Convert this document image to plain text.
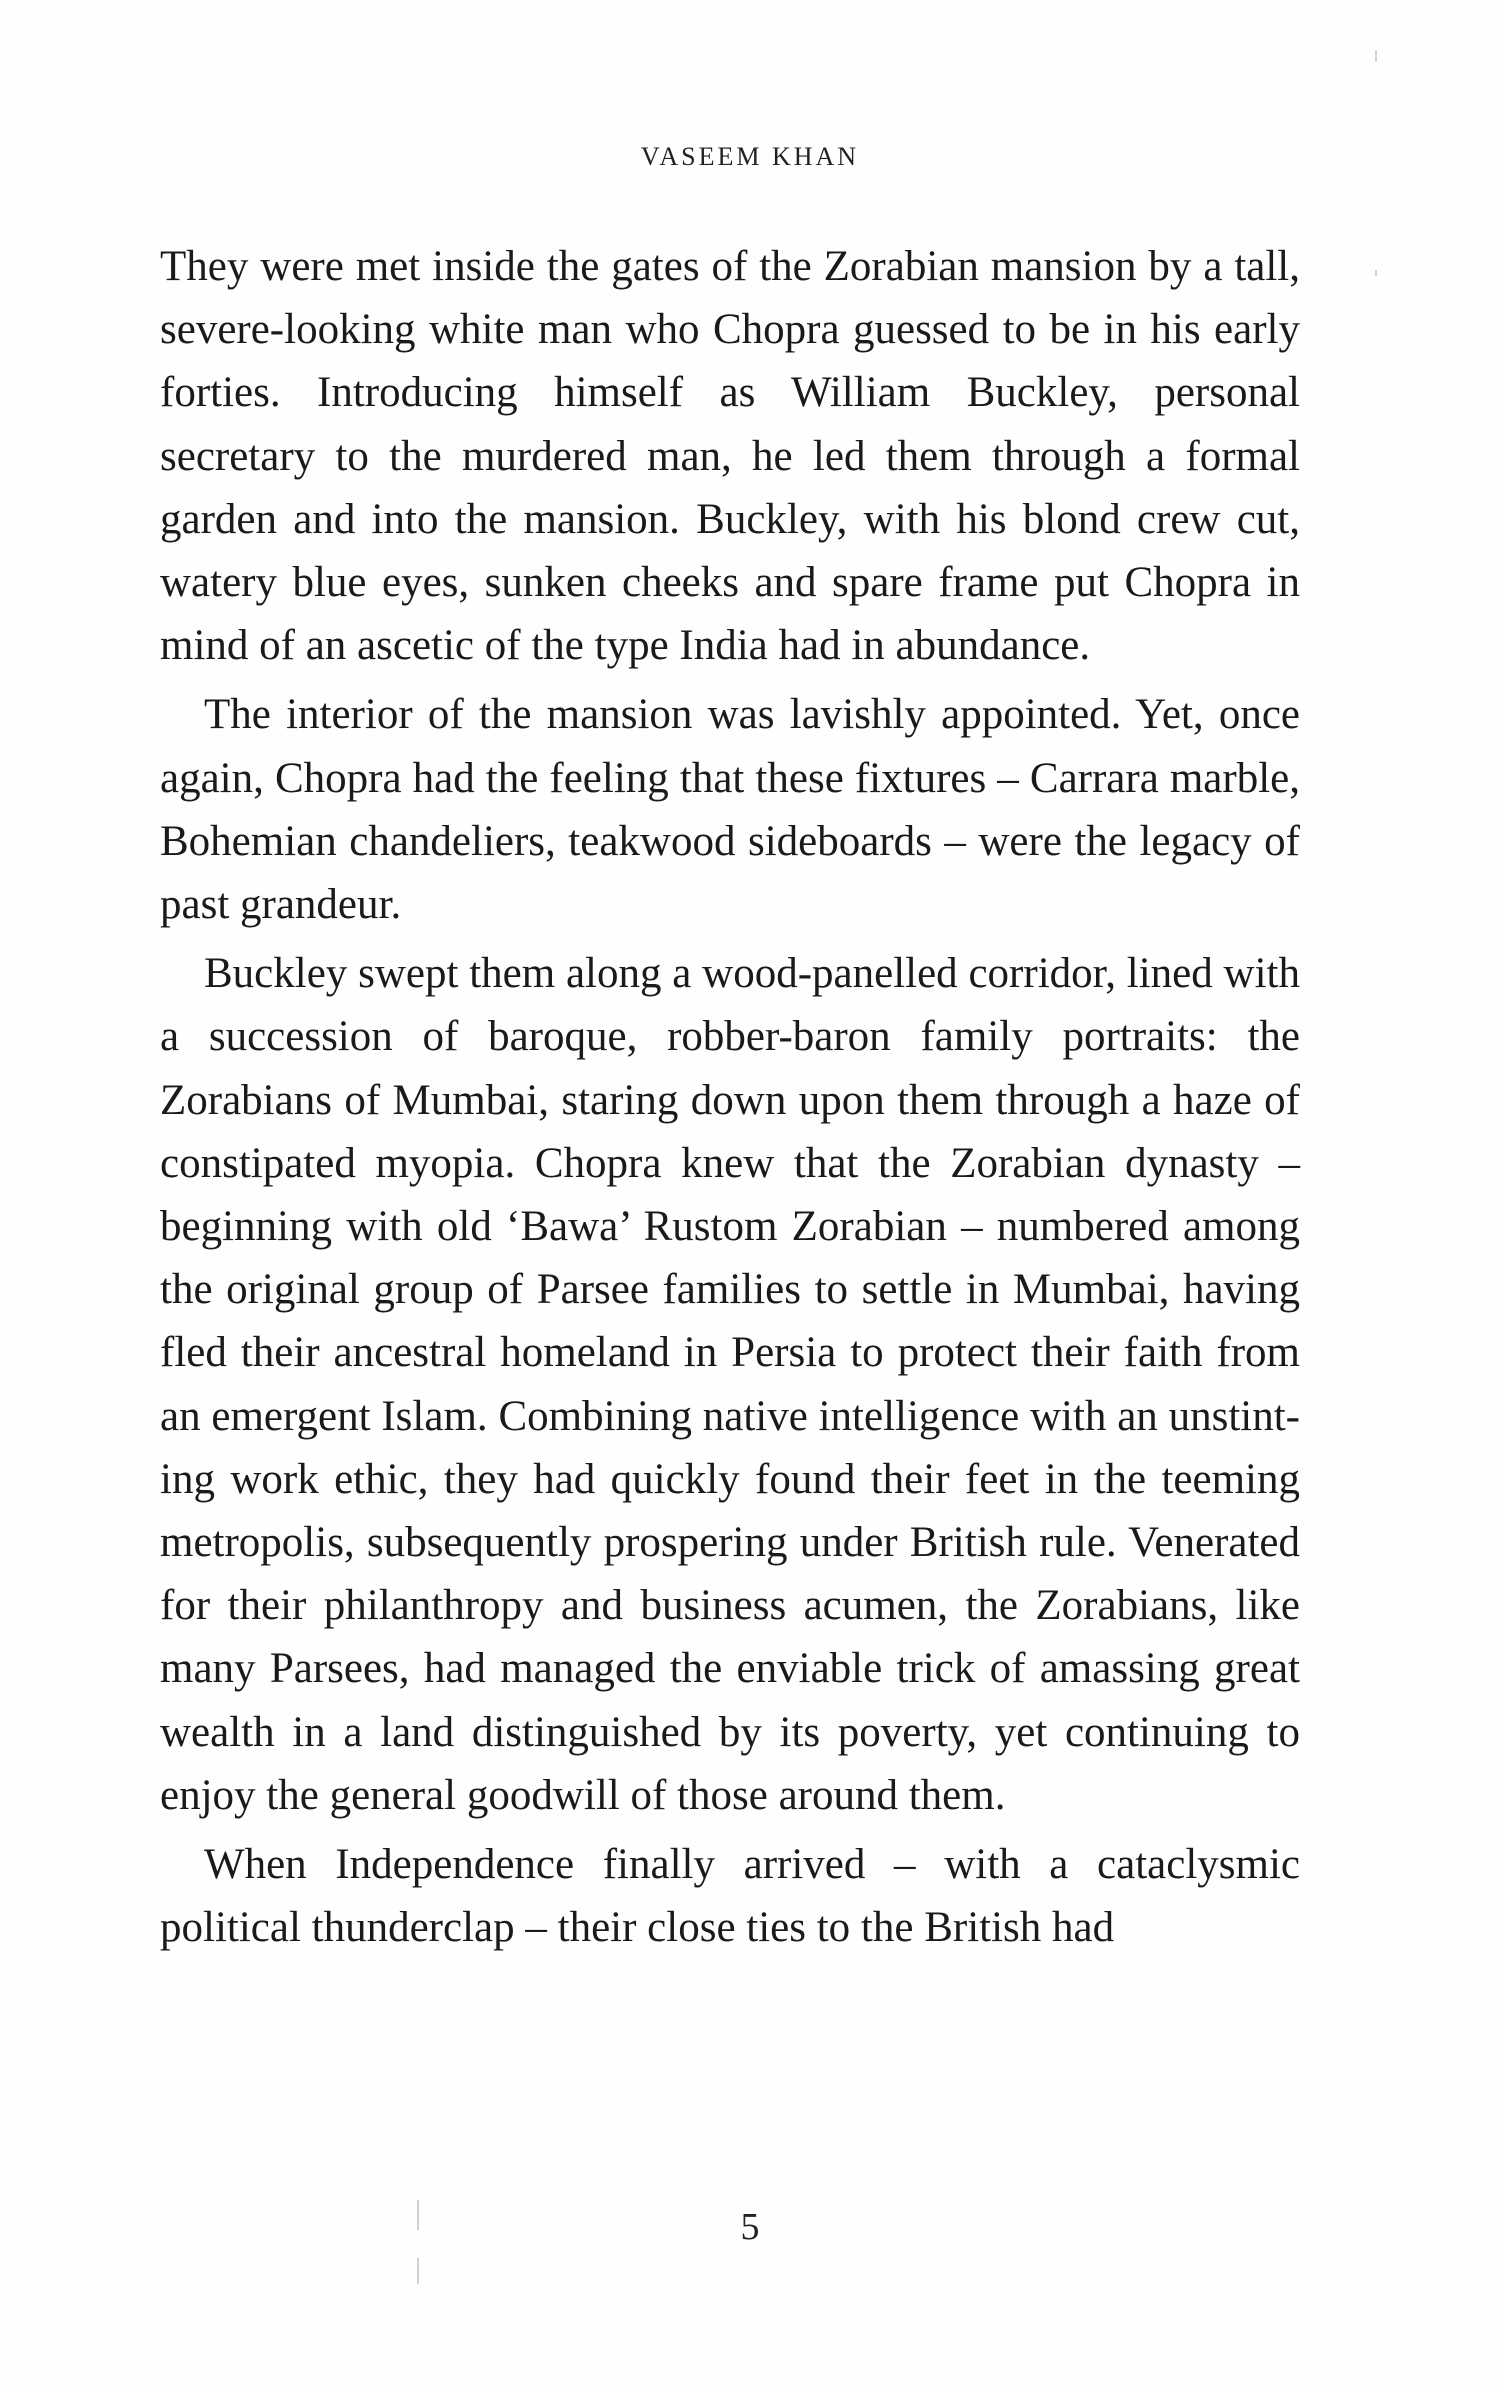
VASEEM KHAN

They were met inside the gates of the Zorabian mansion by a tall, severe-looking white man who Chopra guessed to be in his early forties. Introducing himself as William Buckley, personal secretary to the murdered man, he led them through a formal garden and into the mansion. Buckley, with his blond crew cut, watery blue eyes, sunken cheeks and spare frame put Chopra in mind of an ascetic of the type India had in abundance.

The interior of the mansion was lavishly appointed. Yet, once again, Chopra had the feeling that these fixtures – Carrara marble, Bohemian chandeliers, teakwood sideboards – were the legacy of past grandeur.

Buckley swept them along a wood-panelled corridor, lined with a succession of baroque, robber-baron family portraits: the Zorabians of Mumbai, staring down upon them through a haze of constipated myopia. Chopra knew that the Zorabian dynasty – beginning with old ‘Bawa’ Rustom Zorabian – numbered among the original group of Parsee families to settle in Mumbai, having fled their ancestral homeland in Persia to protect their faith from an emergent Islam. Combining native intelligence with an unstinting work ethic, they had quickly found their feet in the teeming metropolis, subsequently prospering under British rule. Venerated for their philanthropy and business acumen, the Zorabians, like many Parsees, had managed the enviable trick of amassing great wealth in a land distinguished by its poverty, yet continuing to enjoy the general goodwill of those around them.

When Independence finally arrived – with a cataclysmic political thunderclap – their close ties to the British had

5
